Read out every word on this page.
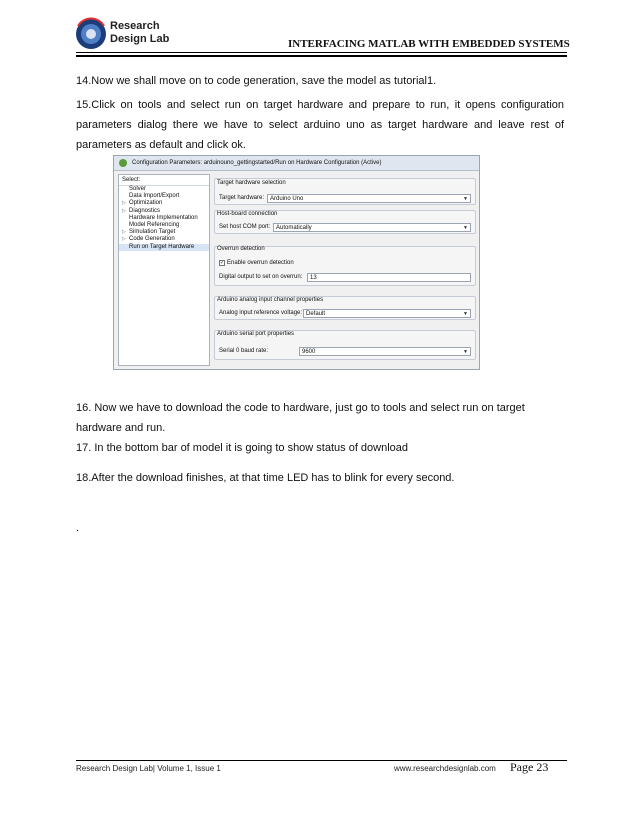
Research
Design Lab	INTERFACING MATLAB WITH EMBEDDED SYSTEMS
14.Now we shall move on to code generation, save the model as tutorial1.
15.Click on tools and select run on target hardware and prepare to run, it opens configuration parameters dialog there we have to select arduino uno as target hardware and leave rest of parameters as default and click ok.
Configuration Parameters: arduinouno_gettingstarted/Run on Hardware Configuration (Active)
Select:
Solver
Data Import/Export
▷ Optimization
▷ Diagnostics
Hardware Implementation
Model Referencing
▷ Simulation Target
▷ Code Generation
Run on Target Hardware
Target hardware selection
Target hardware: Arduino Uno	▼
Host-board connection
Set host COM port: Automatically	▼
Overrun detection
✓ Enable overrun detection
Digital output to set on overrun:	13
Arduino analog input channel properties
Analog input reference voltage: Default	▼
Arduino serial port properties
Serial 0 baud rate:	9600	▼
16. Now we have to download the code to hardware, just go to tools and select run on target hardware and run.
17. In the bottom bar of model it is going to show status of download
18.After the download finishes, at that time LED has to blink for every second.
.
Research Design Lab| Volume 1, Issue 1	www.researchdesignlab.com Page 23
